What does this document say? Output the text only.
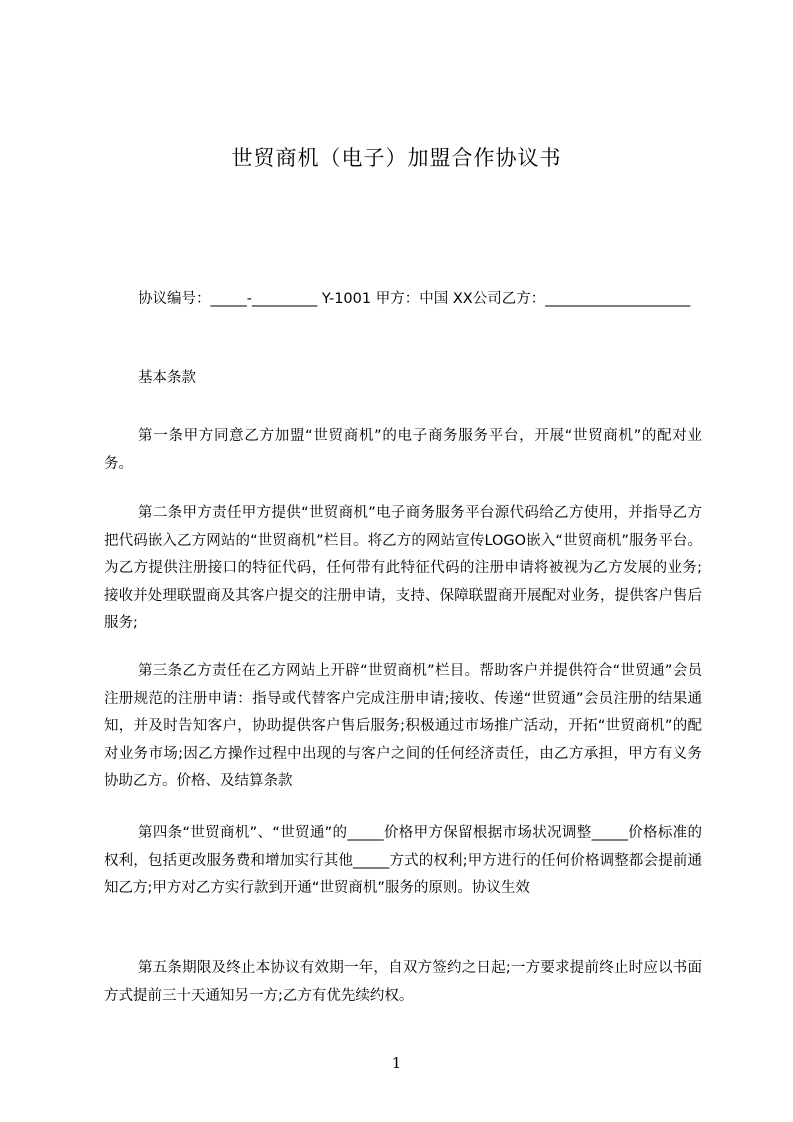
世贸商机（电子）加盟合作协议书

协议编号：_____-_________ Y-1001 甲方：中国 XX公司乙方：____________________

基本条款

第一条甲方同意乙方加盟“世贸商机”的电子商务服务平台，开展“世贸商机”的配对业务。

第二条甲方责任甲方提供“世贸商机”电子商务服务平台源代码给乙方使用，并指导乙方把代码嵌入乙方网站的“世贸商机”栏目。将乙方的网站宣传LOGO嵌入“世贸商机”服务平台。为乙方提供注册接口的特征代码，任何带有此特征代码的注册申请将被视为乙方发展的业务;接收并处理联盟商及其客户提交的注册申请，支持、保障联盟商开展配对业务，提供客户售后服务;

第三条乙方责任在乙方网站上开辟“世贸商机”栏目。帮助客户并提供符合“世贸通”会员注册规范的注册申请：指导或代替客户完成注册申请;接收、传递“世贸通”会员注册的结果通知，并及时告知客户，协助提供客户售后服务;积极通过市场推广活动，开拓“世贸商机”的配对业务市场;因乙方操作过程中出现的与客户之间的任何经济责任，由乙方承担，甲方有义务协助乙方。价格、及结算条款

第四条“世贸商机”、“世贸通”的_____价格甲方保留根据市场状况调整_____价格标准的权利，包括更改服务费和增加实行其他_____方式的权利;甲方进行的任何价格调整都会提前通知乙方;甲方对乙方实行款到开通“世贸商机”服务的原则。协议生效

第五条期限及终止本协议有效期一年，自双方签约之日起;一方要求提前终止时应以书面方式提前三十天通知另一方;乙方有优先续约权。

1
